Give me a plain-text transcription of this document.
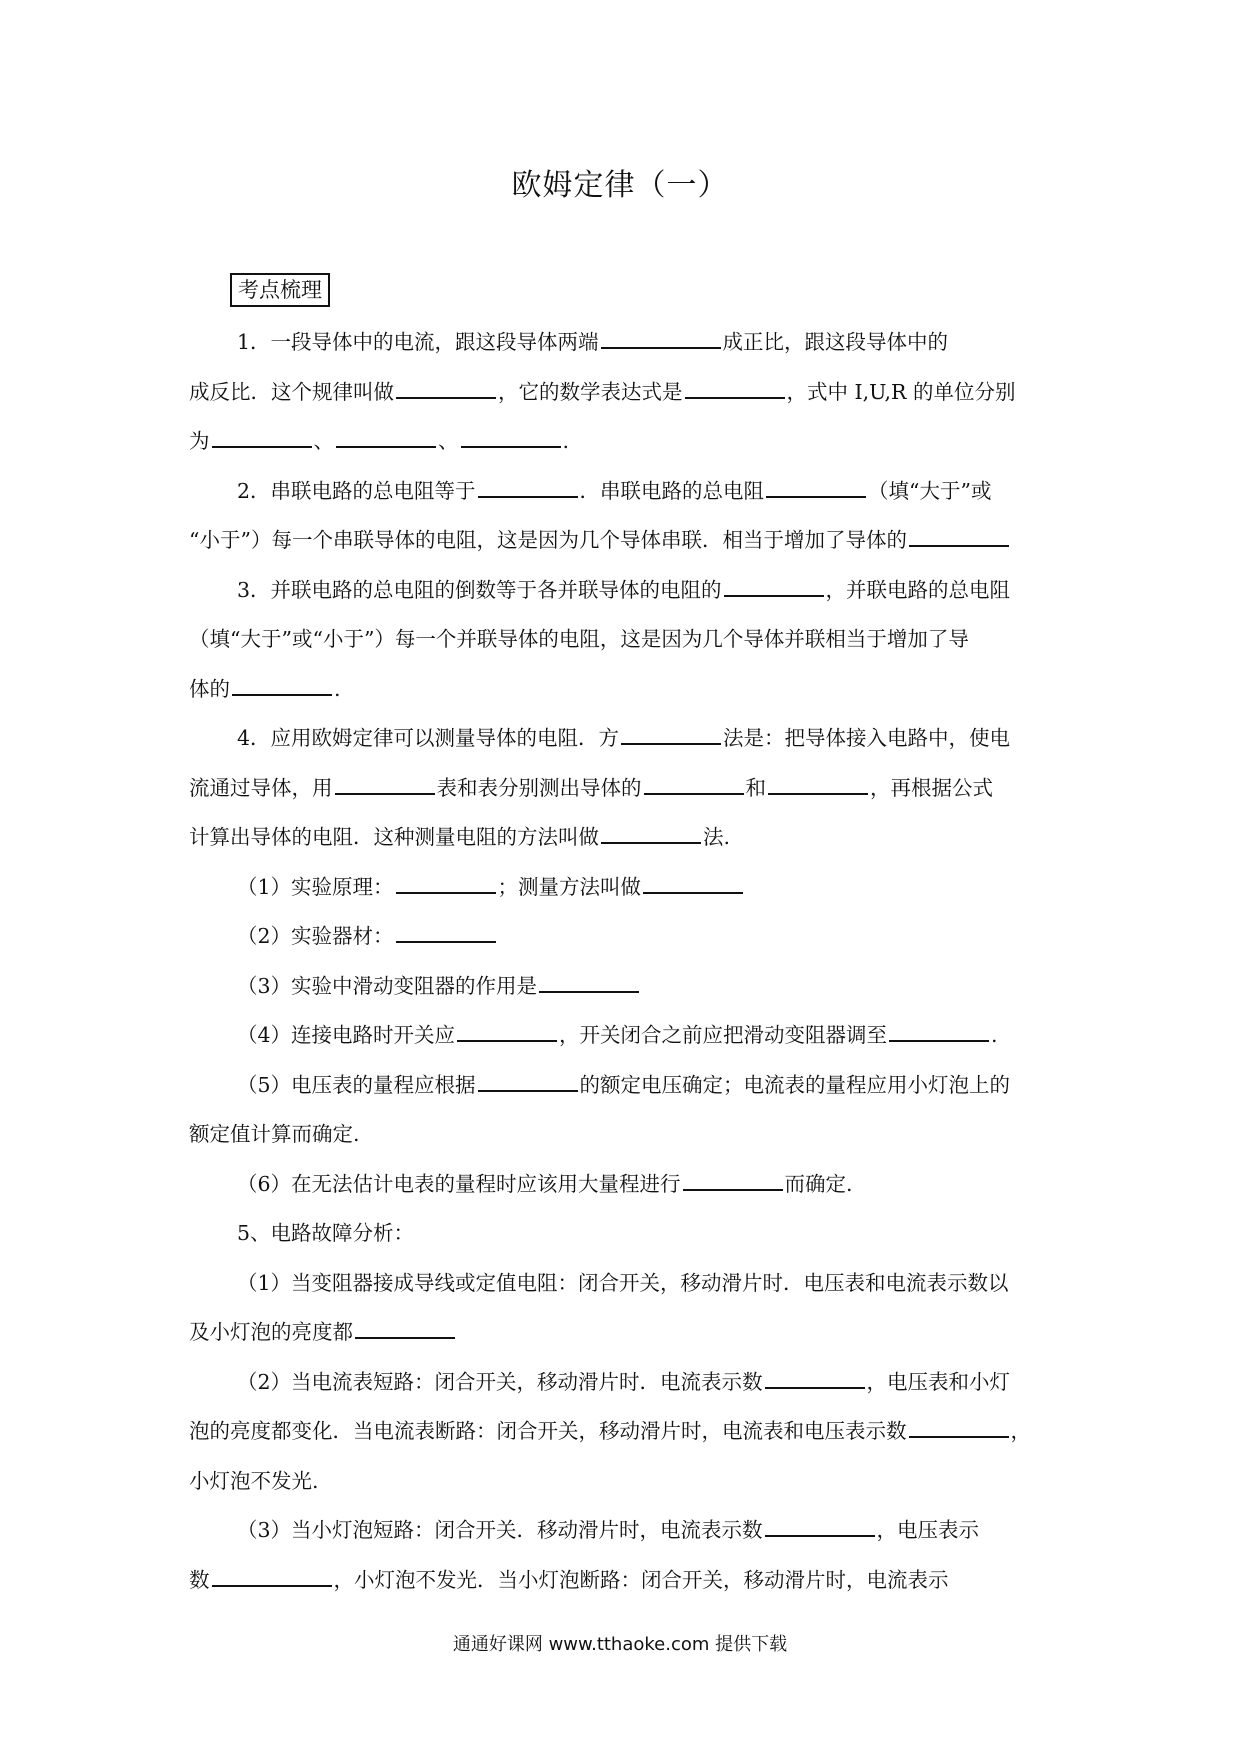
欧姆定律（一）
考点梳理

1．一段导体中的电流，跟这段导体两端	成正比，跟这段导体中的
成反比．这个规律叫做	，它的数学表达式是	，式中 I,U,R 的单位分别
为	、	、	.

2．串联电路的总电阻等于	．串联电路的总电阻	（填“大于”或
“小于”）每一个串联导体的电阻，这是因为几个导体串联．相当于增加了导体的

3．并联电路的总电阻的倒数等于各并联导体的电阻的	，并联电路的总电阻
（填“大于”或“小于”）每一个并联导体的电阻，这是因为几个导体并联相当于增加了导
体的	.

4．应用欧姆定律可以测量导体的电阻．方	法是：把导体接入电路中，使电
流通过导体，用	表和表分别测出导体的	和	，再根据公式
计算出导体的电阻．这种测量电阻的方法叫做	法.

（1）实验原理：	；测量方法叫做

（2）实验器材：

（3）实验中滑动变阻器的作用是

（4）连接电路时开关应	，开关闭合之前应把滑动变阻器调至	.

（5）电压表的量程应根据	的额定电压确定；电流表的量程应用小灯泡上的
额定值计算而确定.

（6）在无法估计电表的量程时应该用大量程进行	而确定.

5、电路故障分析：

（1）当变阻器接成导线或定值电阻：闭合开关，移动滑片时．电压表和电流表示数以
及小灯泡的亮度都

（2）当电流表短路：闭合开关，移动滑片时．电流表示数	，电压表和小灯
泡的亮度都变化．当电流表断路：闭合开关，移动滑片时，电流表和电压表示数	，
小灯泡不发光.

（3）当小灯泡短路：闭合开关．移动滑片时，电流表示数	，电压表示
数	，小灯泡不发光．当小灯泡断路：闭合开关，移动滑片时，电流表示

通通好课网 www.tthaoke.com 提供下载
